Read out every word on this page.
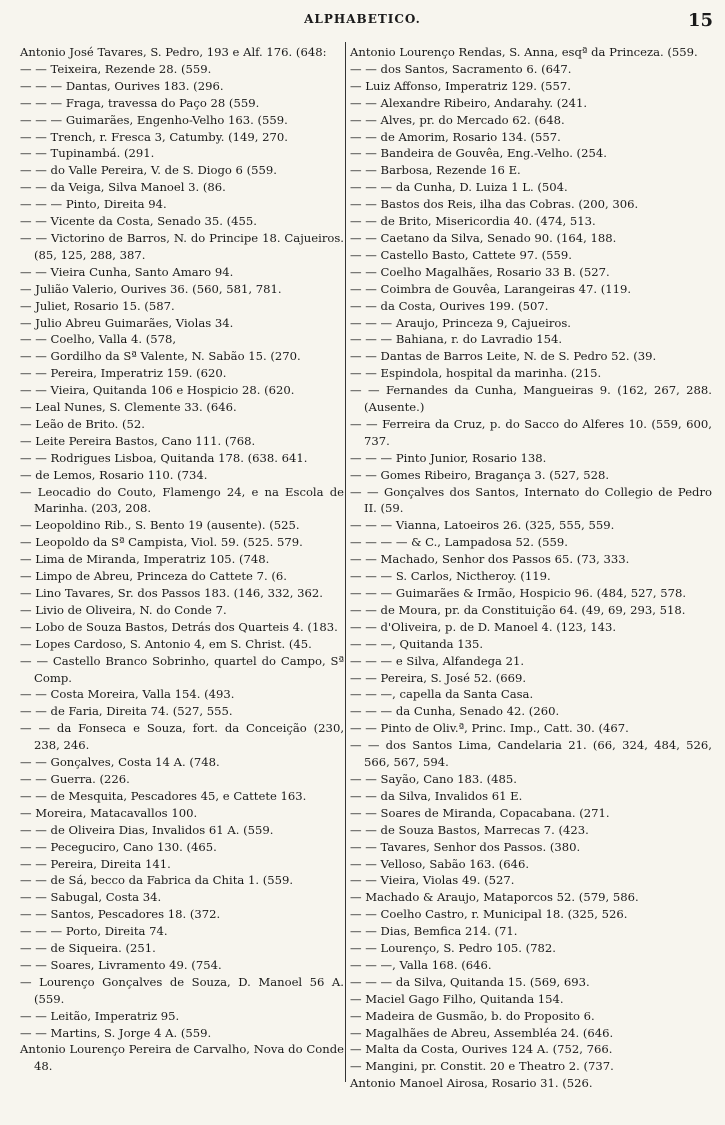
ALPHABETICO.	15
Antonio José Tavares, S. Pedro, 193 e Alf. 176. (648:
— — Teixeira, Rezende 28. (559.
— — — Dantas, Ourives 183. (296.
— — — Fraga, travessa do Paço 28 (559.
— — — Guimarães, Engenho-Velho 163. (559.
— — Trench, r. Fresca 3, Catumby. (149, 270.
— — Tupinambá. (291.
— — do Valle Pereira, V. de S. Diogo 6 (559.
— — da Veiga, Silva Manoel 3. (86.
— — — Pinto, Direita 94.
— — Vicente da Costa, Senado 35. (455.
— — Victorino de Barros, N. do Principe 18. Cajueiros. (85, 125, 288, 387.
— — Vieira Cunha, Santo Amaro 94.
— Julião Valerio, Ourives 36. (560, 581, 781.
— Juliet, Rosario 15. (587.
— Julio Abreu Guimarães, Violas 34.
— — Coelho, Valla 4. (578,
— — Gordilho da Sª Valente, N. Sabão 15. (270.
— — Pereira, Imperatriz 159. (620.
— — Vieira, Quitanda 106 e Hospicio 28. (620.
— Leal Nunes, S. Clemente 33. (646.
— Leão de Brito. (52.
— Leite Pereira Bastos, Cano 111. (768.
— — Rodrigues Lisboa, Quitanda 178. (638. 641.
— de Lemos, Rosario 110. (734.
— Leocadio do Couto, Flamengo 24, e na Escola de Marinha. (203, 208.
— Leopoldino Rib., S. Bento 19 (ausente). (525.
— Leopoldo da Sª Campista, Viol. 59. (525. 579.
— Lima de Miranda, Imperatriz 105. (748.
— Limpo de Abreu, Princeza do Cattete 7. (6.
— Lino Tavares, Sr. dos Passos 183. (146, 332, 362.
— Livio de Oliveira, N. do Conde 7.
— Lobo de Souza Bastos, Detrás dos Quarteis 4. (183.
— Lopes Cardoso, S. Antonio 4, em S. Christ. (45.
— — Castello Branco Sobrinho, quartel do Campo, Sª Comp.
— — Costa Moreira, Valla 154. (493.
— — de Faria, Direita 74. (527, 555.
— — da Fonseca e Souza, fort. da Conceição (230, 238, 246.
— — Gonçalves, Costa 14 A. (748.
— — Guerra. (226.
— — de Mesquita, Pescadores 45, e Cattete 163.
— Moreira, Matacavallos 100.
— — de Oliveira Dias, Invalidos 61 A. (559.
— — Peceguciro, Cano 130. (465.
— — Pereira, Direita 141.
— — de Sá, becco da Fabrica da Chita 1. (559.
— — Sabugal, Costa 34.
— — Santos, Pescadores 18. (372.
— — — Porto, Direita 74.
— — de Siqueira. (251.
— — Soares, Livramento 49. (754.
— Lourenço Gonçalves de Souza, D. Manoel 56 A. (559.
— — Leitão, Imperatriz 95.
— — Martins, S. Jorge 4 A. (559.
Antonio Lourenço Pereira de Carvalho, Nova do Conde 48.
Antonio Lourenço Rendas, S. Anna, esqª da Princeza. (559.
— — dos Santos, Sacramento 6. (647.
— Luiz Affonso, Imperatriz 129. (557.
— — Alexandre Ribeiro, Andarahy. (241.
— — Alves, pr. do Mercado 62. (648.
— — de Amorim, Rosario 134. (557.
— — Bandeira de Gouvêa, Eng.-Velho. (254.
— — Barbosa, Rezende 16 E.
— — — da Cunha, D. Luiza 1 L. (504.
— — Bastos dos Reis, ilha das Cobras. (200, 306.
— — de Brito, Misericordia 40. (474, 513.
— — Caetano da Silva, Senado 90. (164, 188.
— — Castello Basto, Cattete 97. (559.
— — Coelho Magalhães, Rosario 33 B. (527.
— — Coimbra de Gouvêa, Larangeiras 47. (119.
— — da Costa, Ourives 199. (507.
— — — Araujo, Princeza 9, Cajueiros.
— — — Bahiana, r. do Lavradio 154.
— — Dantas de Barros Leite, N. de S. Pedro 52. (39.
— — Espindola, hospital da marinha. (215.
— — Fernandes da Cunha, Mangueiras 9. (162, 267, 288. (Ausente.)
— — Ferreira da Cruz, p. do Sacco do Alferes 10. (559, 600, 737.
— — — Pinto Junior, Rosario 138.
— — Gomes Ribeiro, Bragança 3. (527, 528.
— — Gonçalves dos Santos, Internato do Collegio de Pedro II. (59.
— — — Vianna, Latoeiros 26. (325, 555, 559.
— — — — & C., Lampadosa 52. (559.
— — Machado, Senhor dos Passos 65. (73, 333.
— — — S. Carlos, Nictheroy. (119.
— — — Guimarães & Irmão, Hospicio 96. (484, 527, 578.
— — de Moura, pr. da Constituição 64. (49, 69, 293, 518.
— — d'Oliveira, p. de D. Manoel 4. (123, 143.
— — —, Quitanda 135.
— — — e Silva, Alfandega 21.
— — Pereira, S. José 52. (669.
— — —, capella da Santa Casa.
— — — da Cunha, Senado 42. (260.
— — Pinto de Oliv.ª, Princ. Imp., Catt. 30. (467.
— — dos Santos Lima, Candelaria 21. (66, 324, 484, 526, 566, 567, 594.
— — Sayão, Cano 183. (485.
— — da Silva, Invalidos 61 E.
— — Soares de Miranda, Copacabana. (271.
— — de Souza Bastos, Marrecas 7. (423.
— — Tavares, Senhor dos Passos. (380.
— — Velloso, Sabão 163. (646.
— — Vieira, Violas 49. (527.
— Machado & Araujo, Mataporcos 52. (579, 586.
— — Coelho Castro, r. Municipal 18. (325, 526.
— — Dias, Bemfica 214. (71.
— — Lourenço, S. Pedro 105. (782.
— — —, Valla 168. (646.
— — — da Silva, Quitanda 15. (569, 693.
— Maciel Gago Filho, Quitanda 154.
— Madeira de Gusmão, b. do Proposito 6.
— Magalhães de Abreu, Assembléa 24. (646.
— Malta da Costa, Ourives 124 A. (752, 766.
— Mangini, pr. Constit. 20 e Theatro 2. (737.
Antonio Manoel Airosa, Rosario 31. (526.
